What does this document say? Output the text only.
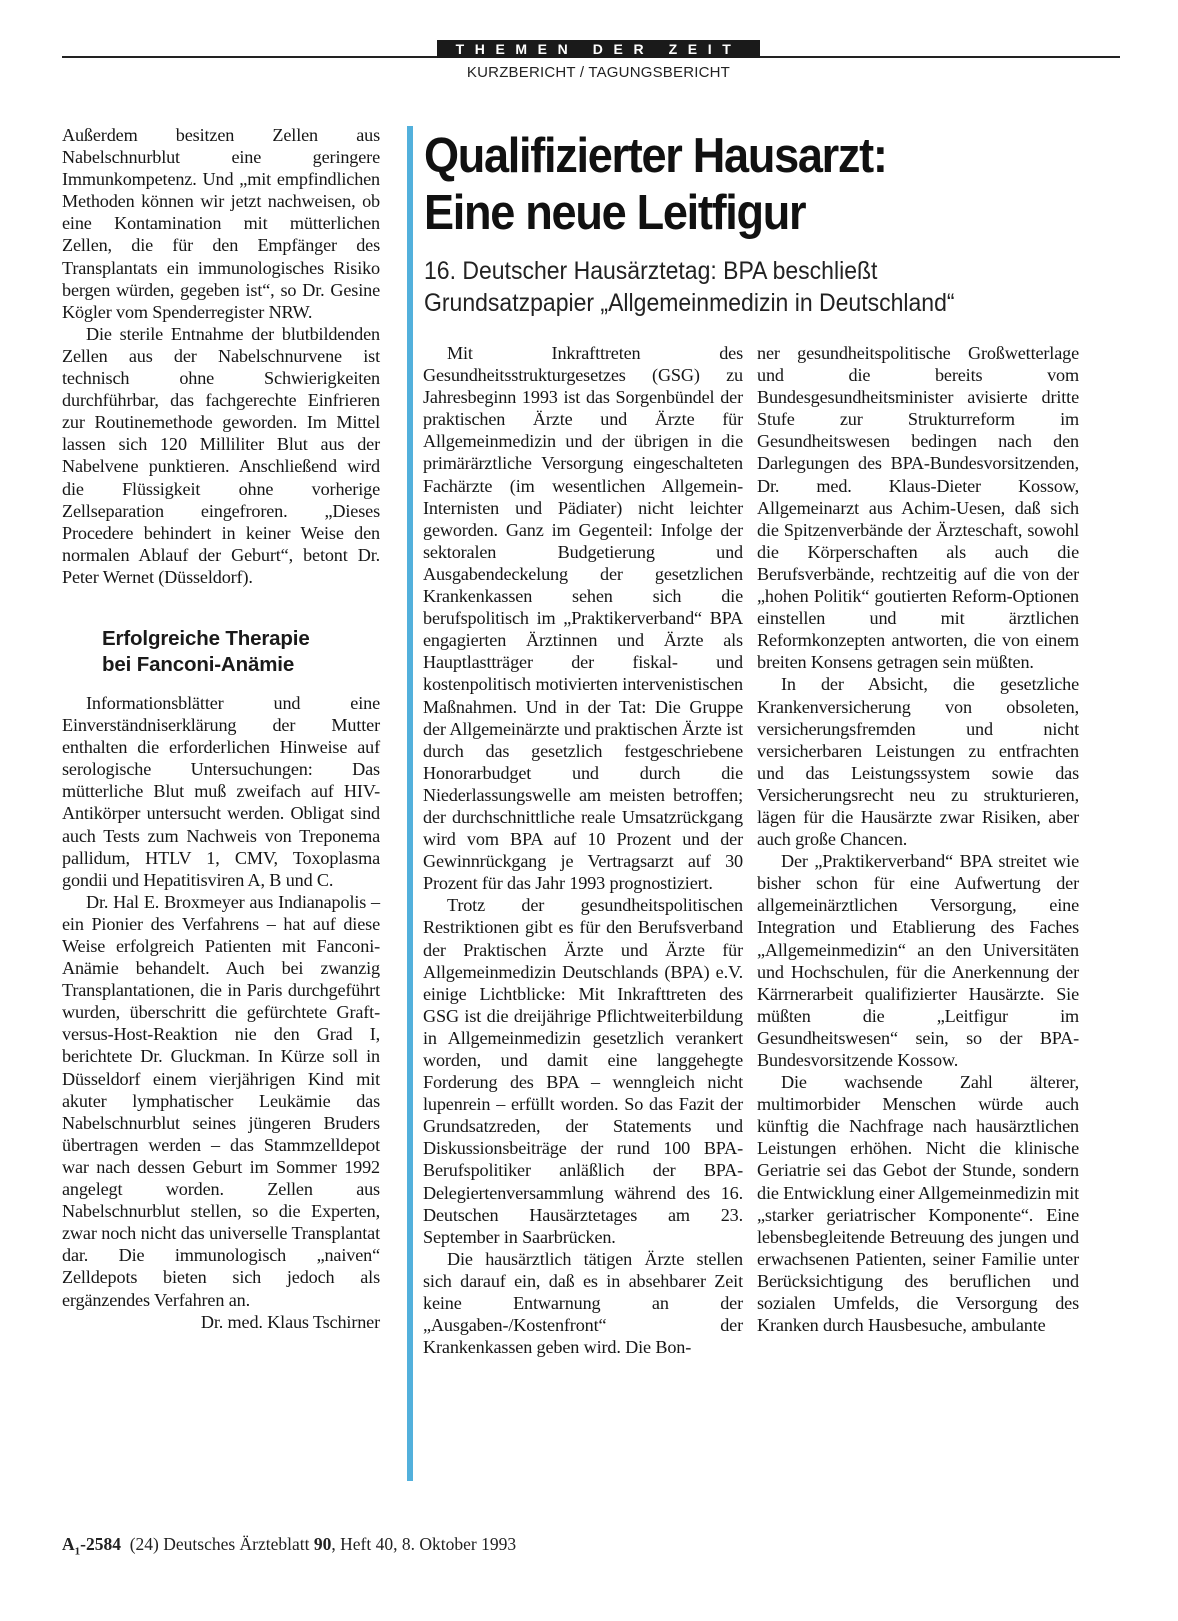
THEMEN DER ZEIT
KURZBERICHT / TAGUNGSBERICHT
Qualifizierter Hausarzt:
Eine neue Leitfigur
16. Deutscher Hausärztetag: BPA beschließt
Grundsatzpapier „Allgemeinmedizin in Deutschland“

Außerdem besitzen Zellen aus Nabelschnurblut eine geringere Immunkompetenz. Und „mit empfindlichen Methoden können wir jetzt nachweisen, ob eine Kontamination mit mütterlichen Zellen, die für den Empfänger des Transplantats ein immunologisches Risiko bergen würden, gegeben ist“, so Dr. Gesine Kögler vom Spenderregister NRW.

Die sterile Entnahme der blutbildenden Zellen aus der Nabelschnurvene ist technisch ohne Schwierigkeiten durchführbar, das fachgerechte Einfrieren zur Routinemethode geworden. Im Mittel lassen sich 120 Milliliter Blut aus der Nabelvene punktieren. Anschließend wird die Flüssigkeit ohne vorherige Zellseparation eingefroren. „Dieses Procedere behindert in keiner Weise den normalen Ablauf der Geburt“, betont Dr. Peter Wernet (Düsseldorf).

Erfolgreiche Therapie
bei Fanconi-Anämie

Informationsblätter und eine Einverständniserklärung der Mutter enthalten die erforderlichen Hinweise auf serologische Untersuchungen: Das mütterliche Blut muß zweifach auf HIV-Antikörper untersucht werden. Obligat sind auch Tests zum Nachweis von Treponema pallidum, HTLV 1, CMV, Toxoplasma gondii und Hepatitisviren A, B und C.

Dr. Hal E. Broxmeyer aus Indianapolis – ein Pionier des Verfahrens – hat auf diese Weise erfolgreich Patienten mit Fanconi-Anämie behandelt. Auch bei zwanzig Transplantationen, die in Paris durchgeführt wurden, überschritt die gefürchtete Graft-versus-Host-Reaktion nie den Grad I, berichtete Dr. Gluckman. In Kürze soll in Düsseldorf einem vierjährigen Kind mit akuter lymphatischer Leukämie das Nabelschnurblut seines jüngeren Bruders übertragen werden – das Stammzelldepot war nach dessen Geburt im Sommer 1992 angelegt worden. Zellen aus Nabelschnurblut stellen, so die Experten, zwar noch nicht das universelle Transplantat dar. Die immunologisch „naiven“ Zelldepots bieten sich jedoch als ergänzendes Verfahren an.

Dr. med. Klaus Tschirner

Mit Inkrafttreten des Gesundheitsstrukturgesetzes (GSG) zu Jahresbeginn 1993 ist das Sorgenbündel der praktischen Ärzte und Ärzte für Allgemeinmedizin und der übrigen in die primärärztliche Versorgung eingeschalteten Fachärzte (im wesentlichen Allgemein-Internisten und Pädiater) nicht leichter geworden. Ganz im Gegenteil: Infolge der sektoralen Budgetierung und Ausgabendeckelung der gesetzlichen Krankenkassen sehen sich die berufspolitisch im „Praktikerverband“ BPA engagierten Ärztinnen und Ärzte als Hauptlastträger der fiskal- und kostenpolitisch motivierten intervenistischen Maßnahmen. Und in der Tat: Die Gruppe der Allgemeinärzte und praktischen Ärzte ist durch das gesetzlich festgeschriebene Honorarbudget und durch die Niederlassungswelle am meisten betroffen; der durchschnittliche reale Umsatzrückgang wird vom BPA auf 10 Prozent und der Gewinnrückgang je Vertragsarzt auf 30 Prozent für das Jahr 1993 prognostiziert.

Trotz der gesundheitspolitischen Restriktionen gibt es für den Berufsverband der Praktischen Ärzte und Ärzte für Allgemeinmedizin Deutschlands (BPA) e.V. einige Lichtblicke: Mit Inkrafttreten des GSG ist die dreijährige Pflichtweiterbildung in Allgemeinmedizin gesetzlich verankert worden, und damit eine langgehegte Forderung des BPA – wenngleich nicht lupenrein – erfüllt worden. So das Fazit der Grundsatzreden, der Statements und Diskussionsbeiträge der rund 100 BPA-Berufspolitiker anläßlich der BPA-Delegiertenversammlung während des 16. Deutschen Hausärztetages am 23. September in Saarbrücken.

Die hausärztlich tätigen Ärzte stellen sich darauf ein, daß es in absehbarer Zeit keine Entwarnung an der „Ausgaben-/Kostenfront“ der Krankenkassen geben wird. Die Bon-

ner gesundheitspolitische Großwetterlage und die bereits vom Bundesgesundheitsminister avisierte dritte Stufe zur Strukturreform im Gesundheitswesen bedingen nach den Darlegungen des BPA-Bundesvorsitzenden, Dr. med. Klaus-Dieter Kossow, Allgemeinarzt aus Achim-Uesen, daß sich die Spitzenverbände der Ärzteschaft, sowohl die Körperschaften als auch die Berufsverbände, rechtzeitig auf die von der „hohen Politik“ goutierten Reform-Optionen einstellen und mit ärztlichen Reformkonzepten antworten, die von einem breiten Konsens getragen sein müßten.

In der Absicht, die gesetzliche Krankenversicherung von obsoleten, versicherungsfremden und nicht versicherbaren Leistungen zu entfrachten und das Leistungssystem sowie das Versicherungsrecht neu zu strukturieren, lägen für die Hausärzte zwar Risiken, aber auch große Chancen.

Der „Praktikerverband“ BPA streitet wie bisher schon für eine Aufwertung der allgemeinärztlichen Versorgung, eine Integration und Etablierung des Faches „Allgemeinmedizin“ an den Universitäten und Hochschulen, für die Anerkennung der Kärrnerarbeit qualifizierter Hausärzte. Sie müßten die „Leitfigur im Gesundheitswesen“ sein, so der BPA-Bundesvorsitzende Kossow.

Die wachsende Zahl älterer, multimorbider Menschen würde auch künftig die Nachfrage nach hausärztlichen Leistungen erhöhen. Nicht die klinische Geriatrie sei das Gebot der Stunde, sondern die Entwicklung einer Allgemeinmedizin mit „starker geriatrischer Komponente“. Eine lebensbegleitende Betreuung des jungen und erwachsenen Patienten, seiner Familie unter Berücksichtigung des beruflichen und sozialen Umfelds, die Versorgung des Kranken durch Hausbesuche, ambulante

$A_1-2584$ (24) Deutsches Ärzteblatt 90, Heft 40, 8. Oktober 1993
